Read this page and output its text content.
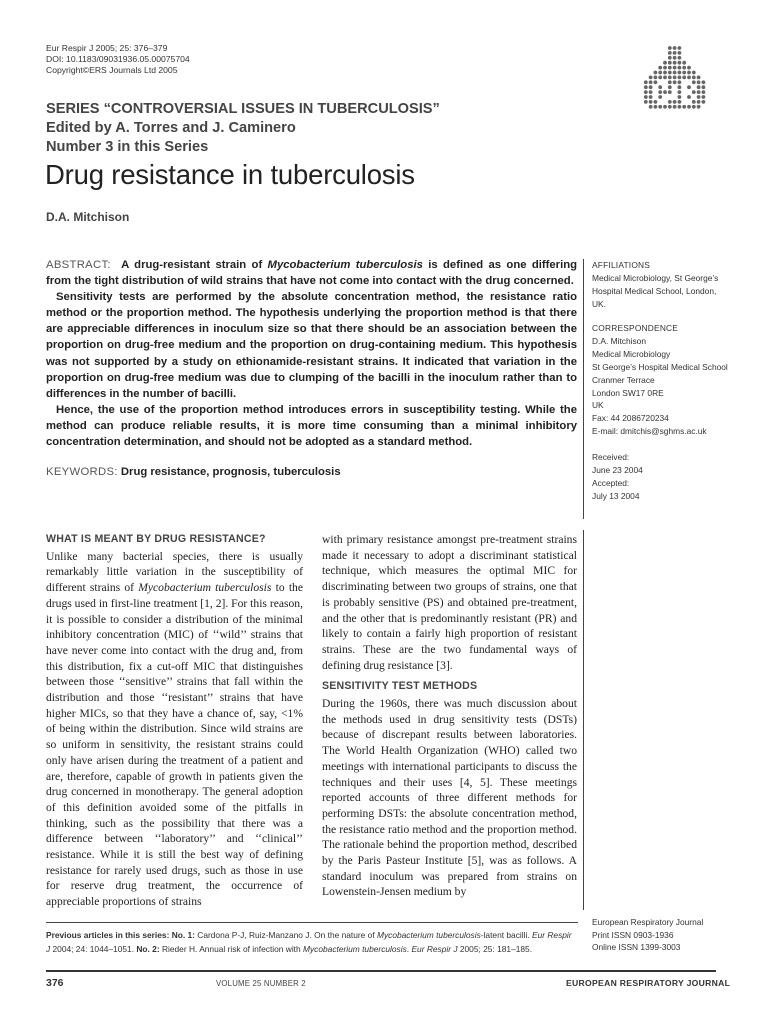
Eur Respir J 2005; 25: 376–379
DOI: 10.1183/09031936.05.00075704
Copyright©ERS Journals Ltd 2005
SERIES “CONTROVERSIAL ISSUES IN TUBERCULOSIS”
Edited by A. Torres and J. Caminero
Number 3 in this Series
Drug resistance in tuberculosis
D.A. Mitchison

ABSTRACT: A drug-resistant strain of Mycobacterium tuberculosis is defined as one differing from the tight distribution of wild strains that have not come into contact with the drug concerned.

Sensitivity tests are performed by the absolute concentration method, the resistance ratio method or the proportion method. The hypothesis underlying the proportion method is that there are appreciable differences in inoculum size so that there should be an association between the proportion on drug-free medium and the proportion on drug-containing medium. This hypothesis was not supported by a study on ethionamide-resistant strains. It indicated that variation in the proportion on drug-free medium was due to clumping of the bacilli in the inoculum rather than to differences in the number of bacilli.

Hence, the use of the proportion method introduces errors in susceptibility testing. While the method can produce reliable results, it is more time consuming than a minimal inhibitory concentration determination, and should not be adopted as a standard method.

KEYWORDS: Drug resistance, prognosis, tuberculosis
AFFILIATIONS
Medical Microbiology, St George’s
Hospital Medical School, London,
UK.
CORRESPONDENCE
D.A. Mitchison
Medical Microbiology
St George’s Hospital Medical School
Cranmer Terrace
London SW17 0RE
UK
Fax: 44 2086720234
E-mail: dmitchis@sghms.ac.uk
Received:
June 23 2004
Accepted:
July 13 2004
WHAT IS MEANT BY DRUG RESISTANCE?

Unlike many bacterial species, there is usually remarkably little variation in the susceptibility of different strains of Mycobacterium tuberculosis to the drugs used in first-line treatment [1, 2]. For this reason, it is possible to consider a distribution of the minimal inhibitory concentration (MIC) of ‘‘wild’’ strains that have never come into contact with the drug and, from this distribution, fix a cut-off MIC that distinguishes between those ‘‘sensitive’’ strains that fall within the distribution and those ‘‘resistant’’ strains that have higher MICs, so that they have a chance of, say, <1% of being within the distribution. Since wild strains are so uniform in sensitivity, the resistant strains could only have arisen during the treatment of a patient and are, therefore, capable of growth in patients given the drug concerned in monotherapy. The general adoption of this definition avoided some of the pitfalls in thinking, such as the possibility that there was a difference between ‘‘laboratory’’ and ‘‘clinical’’ resistance. While it is still the best way of defining resistance for rarely used drugs, such as those in use for reserve drug treatment, the occurrence of appreciable proportions of strains

with primary resistance amongst pre-treatment strains made it necessary to adopt a discriminant statistical technique, which measures the optimal MIC for discriminating between two groups of strains, one that is probably sensitive (PS) and obtained pre-treatment, and the other that is predominantly resistant (PR) and likely to contain a fairly high proportion of resistant strains. These are the two fundamental ways of defining drug resistance [3].

SENSITIVITY TEST METHODS

During the 1960s, there was much discussion about the methods used in drug sensitivity tests (DSTs) because of discrepant results between laboratories. The World Health Organization (WHO) called two meetings with international participants to discuss the techniques and their uses [4, 5]. These meetings reported accounts of three different methods for performing DSTs: the absolute concentration method, the resistance ratio method and the proportion method. The rationale behind the proportion method, described by the Paris Pasteur Institute [5], was as follows. A standard inoculum was prepared from strains on Lowenstein-Jensen medium by

Previous articles in this series: No. 1: Cardona P-J, Ruiz-Manzano J. On the nature of Mycobacterium tuberculosis-latent bacilli. Eur Respir J 2004; 24: 1044–1051. No. 2: Rieder H. Annual risk of infection with Mycobacterium tuberculosis. Eur Respir J 2005; 25: 181–185.
European Respiratory Journal
Print ISSN 0903-1936
Online ISSN 1399-3003
376	VOLUME 25 NUMBER 2	EUROPEAN RESPIRATORY JOURNAL
